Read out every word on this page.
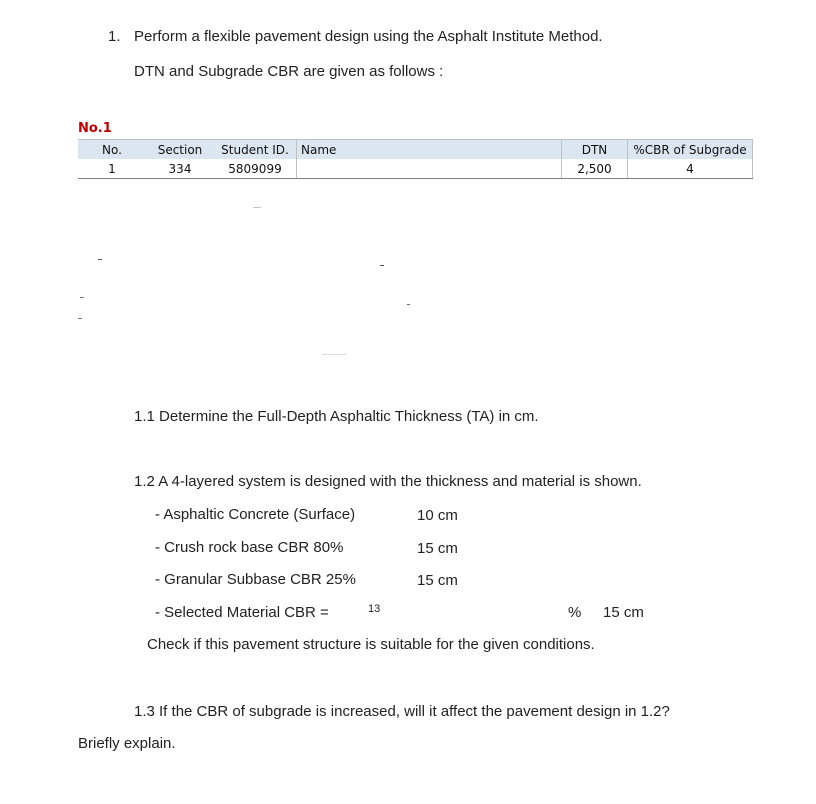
1. Perform a flexible pavement design using the Asphalt Institute Method.
DTN and Subgrade CBR are given as follows :
No.1
No.	Section	Student ID.	Name	DTN	%CBR of Subgrade
1	334	5809099		2,500	4
1.1 Determine the Full-Depth Asphaltic Thickness (TA) in cm.
1.2 A 4-layered system is designed with the thickness and material is shown.
- Asphaltic Concrete (Surface)	10 cm
- Crush rock base CBR 80%	15 cm
- Granular Subbase CBR 25%	15 cm
- Selected Material CBR =	13	% 15 cm
Check if this pavement structure is suitable for the given conditions.
1.3 If the CBR of subgrade is increased, will it affect the pavement design in 1.2?
Briefly explain.
